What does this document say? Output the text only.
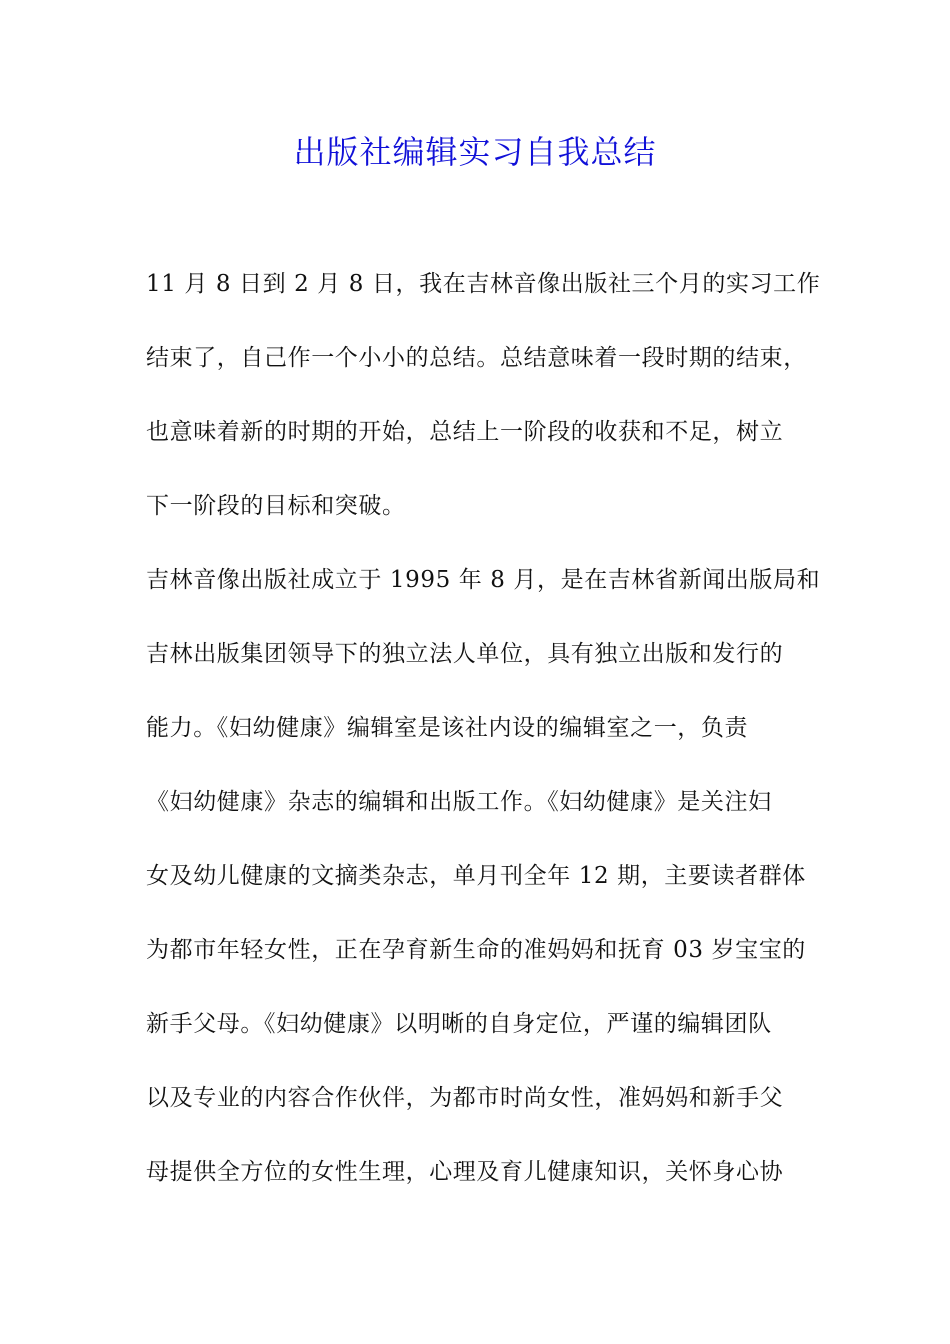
出版社编辑实习自我总结
11 月 8 日到 2 月 8 日，我在吉林音像出版社三个月的实习工作
结束了，自己作一个小小的总结。总结意味着一段时期的结束，
也意味着新的时期的开始，总结上一阶段的收获和不足，树立
下一阶段的目标和突破。
吉林音像出版社成立于 1995 年 8 月，是在吉林省新闻出版局和
吉林出版集团领导下的独立法人单位，具有独立出版和发行的
能力。《妇幼健康》编辑室是该社内设的编辑室之一，负责
《妇幼健康》杂志的编辑和出版工作。《妇幼健康》是关注妇
女及幼儿健康的文摘类杂志，单月刊全年 12 期，主要读者群体
为都市年轻女性，正在孕育新生命的准妈妈和抚育 03 岁宝宝的
新手父母。《妇幼健康》以明晰的自身定位，严谨的编辑团队
以及专业的内容合作伙伴，为都市时尚女性，准妈妈和新手父
母提供全方位的女性生理，心理及育儿健康知识，关怀身心协
